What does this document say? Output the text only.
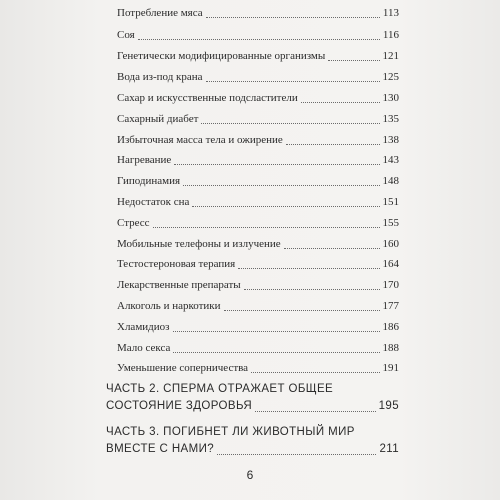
Потребление мяса	113
Соя	116
Генетически модифицированные организмы	121
Вода из-под крана	125
Сахар и искусственные подсластители	130
Сахарный диабет	135
Избыточная масса тела и ожирение	138
Нагревание	143
Гиподинамия	148
Недостаток сна	151
Стресс	155
Мобильные телефоны и излучение	160
Тестостероновая терапия	164
Лекарственные препараты	170
Алкоголь и наркотики	177
Хламидиоз	186
Мало секса	188
Уменьшение соперничества	191
ЧАСТЬ 2. СПЕРМА ОТРАЖАЕТ ОБЩЕЕ
СОСТОЯНИЕ ЗДОРОВЬЯ	195
ЧАСТЬ 3. ПОГИБНЕТ ЛИ ЖИВОТНЫЙ МИР
ВМЕСТЕ С НАМИ?	211
6
